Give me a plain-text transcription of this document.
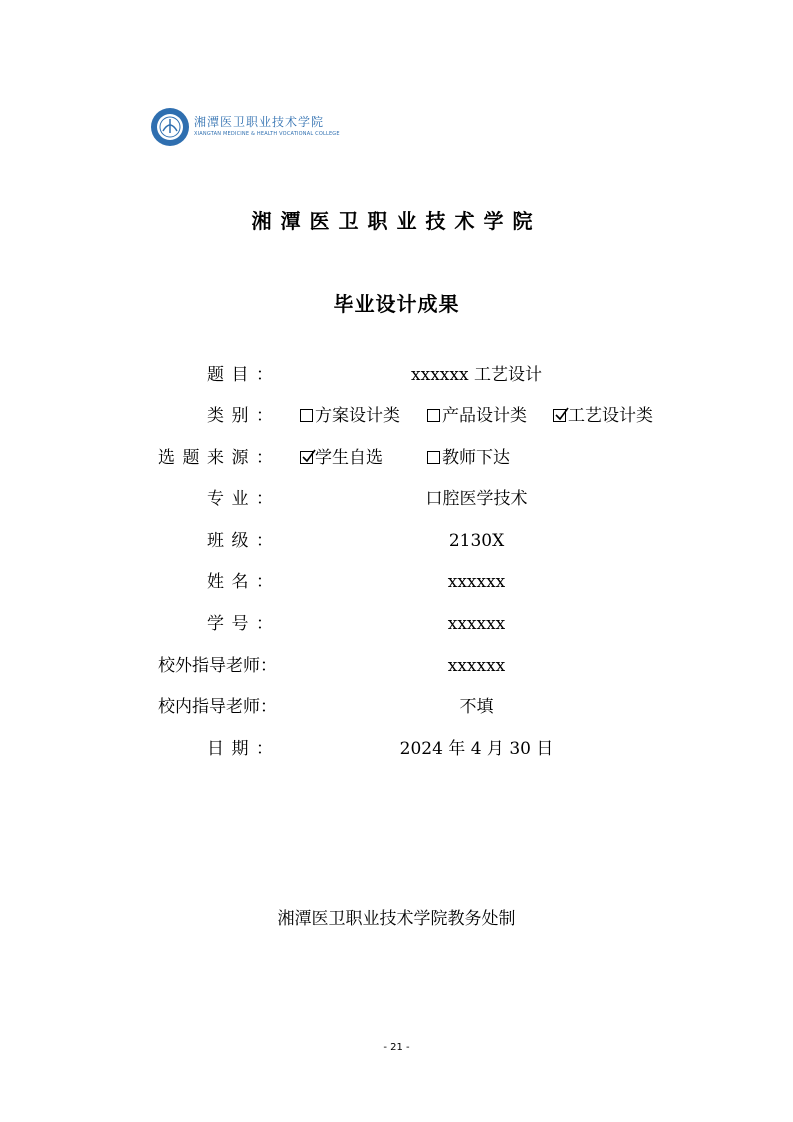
湘潭医卫职业技术学院
XIANGTAN MEDICINE & HEALTH VOCATIONAL COLLEGE
湘潭医卫职业技术学院
毕业设计成果
题目：	xxxxxx 工艺设计
类别：	方案设计类	产品设计类	工艺设计类
选题来源：	学生自选	教师下达
专业：	口腔医学技术
班级：	2130X
姓名：	xxxxxx
学号：	xxxxxx
校外指导老师：	xxxxxx
校内指导老师：	不填
日期：	2024 年 4 月 30 日
湘潭医卫职业技术学院教务处制
- 21 -
